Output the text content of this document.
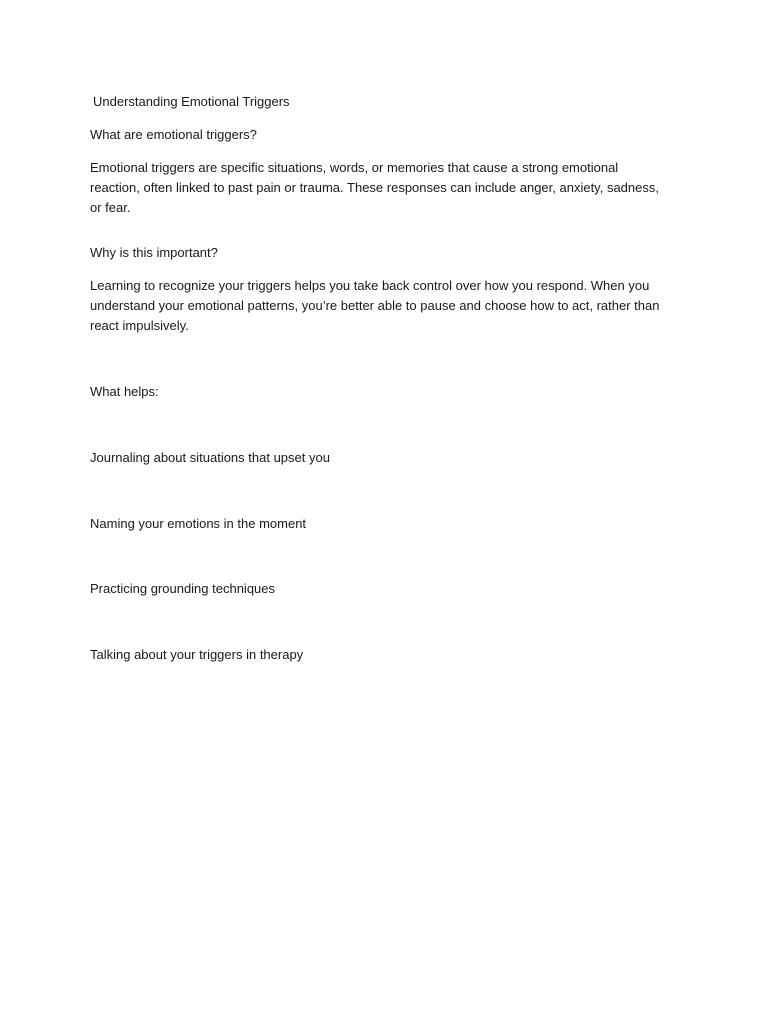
Understanding Emotional Triggers

What are emotional triggers?

Emotional triggers are specific situations, words, or memories that cause a strong emotional reaction, often linked to past pain or trauma. These responses can include anger, anxiety, sadness, or fear.

Why is this important?

Learning to recognize your triggers helps you take back control over how you respond. When you understand your emotional patterns, you’re better able to pause and choose how to act, rather than react impulsively.

What helps:

Journaling about situations that upset you

Naming your emotions in the moment

Practicing grounding techniques

Talking about your triggers in therapy
